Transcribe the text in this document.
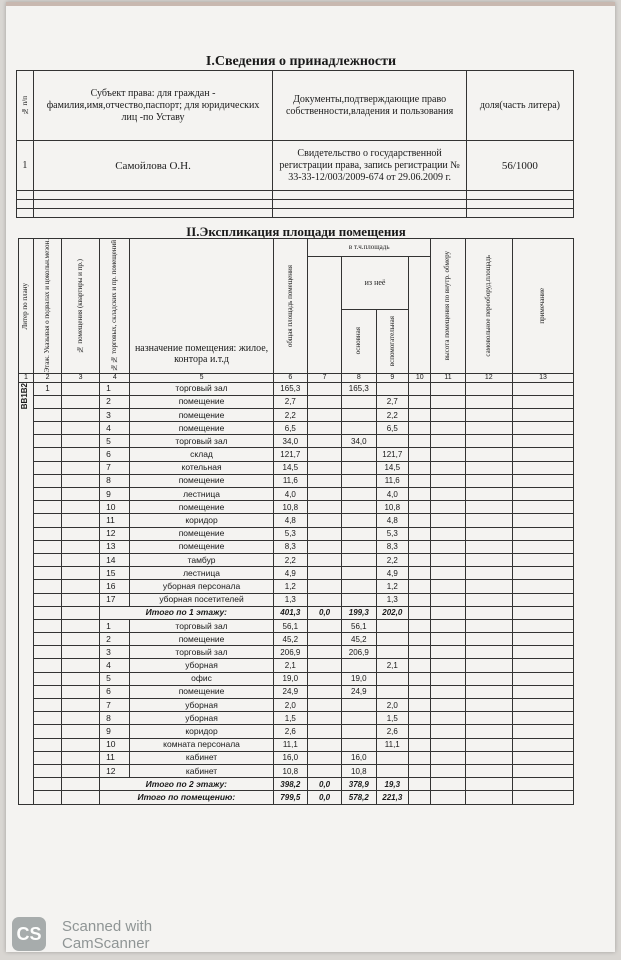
I.Сведения о принадлежности
№ п/п	Субъект права: для граждан - фамилия,имя,отчество,паспорт; для юридических лиц -по Уставу	Документы,подтверждающие право собственности,владения и пользования	доля(часть литера)
1	Самойлова О.Н.	Свидетельство о государственной регистрации права, запись регистрации № 33-33-12/003/2009-674 от 29.06.2009 г.	56/1000

II.Экспликация площади помещения
Литер по плану	Этаж. Указывая о подвалах и цокольн.мезон.	№ помещения (квартиры и пр.)	№№ торговых, складских и пр. помещений	назначение помещения: жилое, контора и.т.д	общая площадь помещения	в т.ч.площадь				высота помещения по внутр. обмеру	самовольное переоборуд.площадь	примечание

							из неё					

							основная	вспомогательная				

1	2	3	4	5	6	7	8	9	10	11	12	13

ВВ1В2	1		1	торговый зал	165,3		165,3					
			2	помещение	2,7			2,7				
			3	помещение	2,2			2,2				
			4	помещение	6,5			6,5				
			5	торговый зал	34,0		34,0					
			6	склад	121,7			121,7				
			7	котельная	14,5			14,5				
			8	помещение	11,6			11,6				
			9	лестница	4,0			4,0				
			10	помещение	10,8			10,8				
			11	коридор	4,8			4,8				
			12	помещение	5,3			5,3				
			13	помещение	8,3			8,3				
			14	тамбур	2,2			2,2				
			15	лестница	4,9			4,9				
			16	уборная персонала	1,2			1,2				
			17	уборная посетителей	1,3			1,3				
			Итого по 1 этажу:		401,3	0,0	199,3	202,0				
			1	торговый зал	56,1		56,1					
			2	помещение	45,2		45,2					
			3	торговый зал	206,9		206,9					
			4	уборная	2,1			2,1				
			5	офис	19,0		19,0					
			6	помещение	24,9		24,9					
			7	уборная	2,0			2,0				
			8	уборная	1,5			1,5				
			9	коридор	2,6			2,6				
			10	комната персонала	11,1			11,1				
			11	кабинет	16,0		16,0					
			12	кабинет	10,8		10,8					
			Итого по 2 этажу:		398,2	0,0	378,9	19,3				
			Итого по помещению:		799,5	0,0	578,2	221,3				
CS	Scanned with
CamScanner
